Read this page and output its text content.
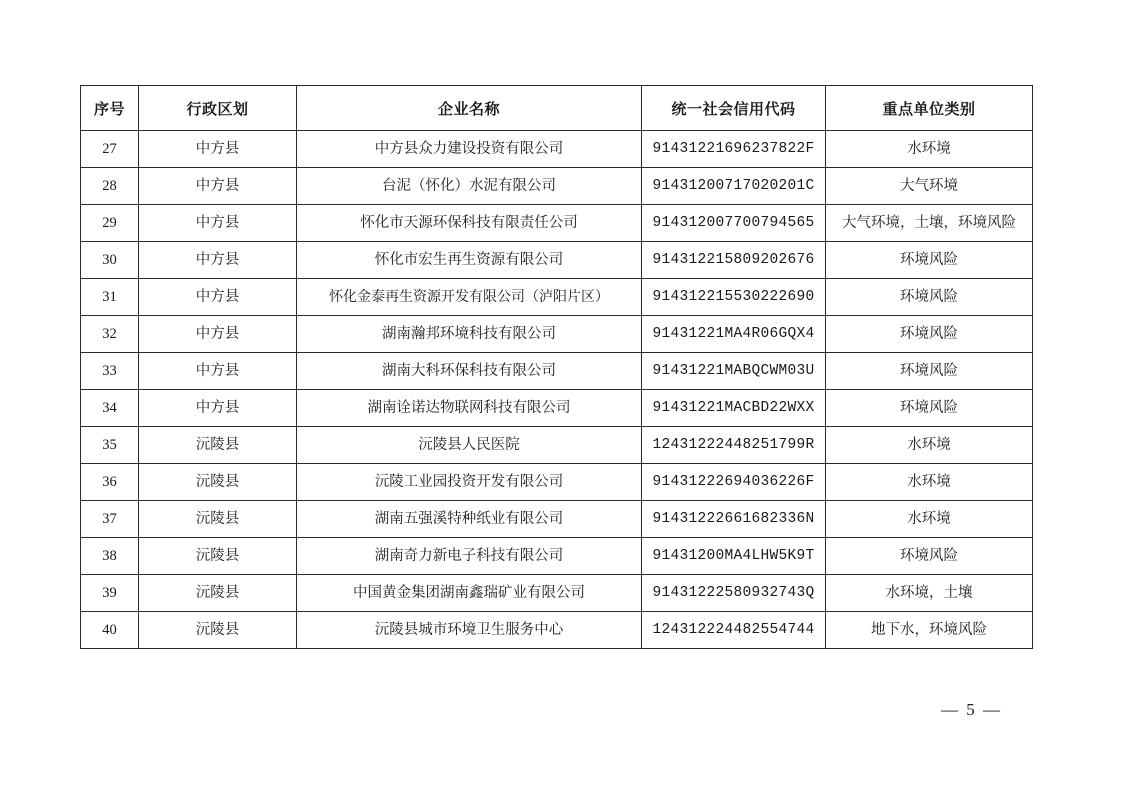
序号	行政区划	企业名称	统一社会信用代码	重点单位类别
27	中方县	中方县众力建设投资有限公司	91431221696237822F	水环境
28	中方县	台泥（怀化）水泥有限公司	91431200717020201C	大气环境
29	中方县	怀化市天源环保科技有限责任公司	914312007700794565	大气环境，土壤，环境风险
30	中方县	怀化市宏生再生资源有限公司	914312215809202676	环境风险
31	中方县	怀化金泰再生资源开发有限公司（泸阳片区）	914312215530222690	环境风险
32	中方县	湖南瀚邦环境科技有限公司	91431221MA4R06GQX4	环境风险
33	中方县	湖南大科环保科技有限公司	91431221MABQCWM03U	环境风险
34	中方县	湖南诠诺达物联网科技有限公司	91431221MACBD22WXX	环境风险
35	沅陵县	沅陵县人民医院	12431222448251799R	水环境
36	沅陵县	沅陵工业园投资开发有限公司	91431222694036226F	水环境
37	沅陵县	湖南五强溪特种纸业有限公司	91431222661682336N	水环境
38	沅陵县	湖南奇力新电子科技有限公司	91431200MA4LHW5K9T	环境风险
39	沅陵县	中国黄金集团湖南鑫瑞矿业有限公司	91431222580932743Q	水环境，土壤
40	沅陵县	沅陵县城市环境卫生服务中心	124312224482554744	地下水，环境风险
— 5 —
